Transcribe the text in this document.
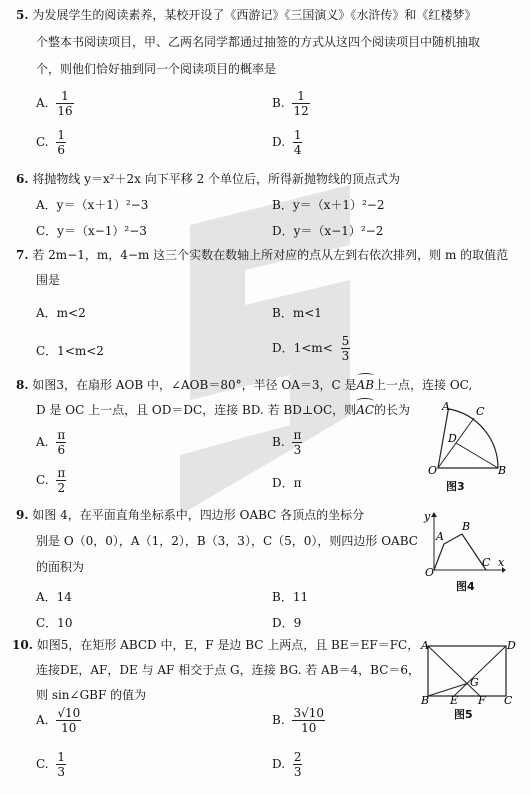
5. 为发展学生的阅读素养，某校开设了《西游记》《三国演义》《水浒传》和《红楼梦》
个整本书阅读项目，甲、乙两名同学都通过抽签的方式从这四个阅读项目中随机抽取
个，则他们恰好抽到同一个阅读项目的概率是
A. $\frac{1}{16}$	B. $\frac{1}{12}$
C. $\frac{1}{6}$	D. $\frac{1}{4}$
6. 将抛物线 y＝x²＋2x 向下平移 2 个单位后，所得新抛物线的顶点式为
A．y＝（x＋1）²−3	B．y＝（x＋1）²−2
C．y＝（x−1）²−3	D．y＝（x−1）²−2
7. 若 2m−1，m，4−m 这三个实数在数轴上所对应的点从左到右依次排列，则 m 的取值范
围是
A．m<2	B．m<1
C．1<m<2	D．$1<m< \frac{5}{3}$
8. 如图3，在扇形 AOB 中，∠AOB＝80°，半径 OA＝3，C 是AB上一点，连接 OC,
D 是 OC 上一点，且 OD＝DC，连接 BD. 若 BD⊥OC，则AC的长为
A. $\frac{\pi}{6}$	B. $\frac{\pi}{3}$
C. $\frac{\pi}{2}$	D．π
A C
D
O	B
图3
9. 如图 4，在平面直角坐标系中，四边形 OABC 各顶点的坐标分
别是 O（0，0），A（1，2），B（3，3），C（5，0），则四边形 OABC
的面积为
A．14	B．11
C．10	D．9
y
x
A
B
C
O
图4
10. 如图5，在矩形 ABCD 中，E，F 是边 BC 上两点，且 BE＝EF＝FC，
连接DE，AF，DE 与 AF 相交于点 G，连接 BG. 若 AB＝4，BC＝6，
则 sin∠GBF 的值为
A. $\frac{√10}{10}$	B. $\frac{3√10}{10}$
C. $\frac{1}{3}$	D. $\frac{2}{3}$
A	D
B E F C
G
图5
